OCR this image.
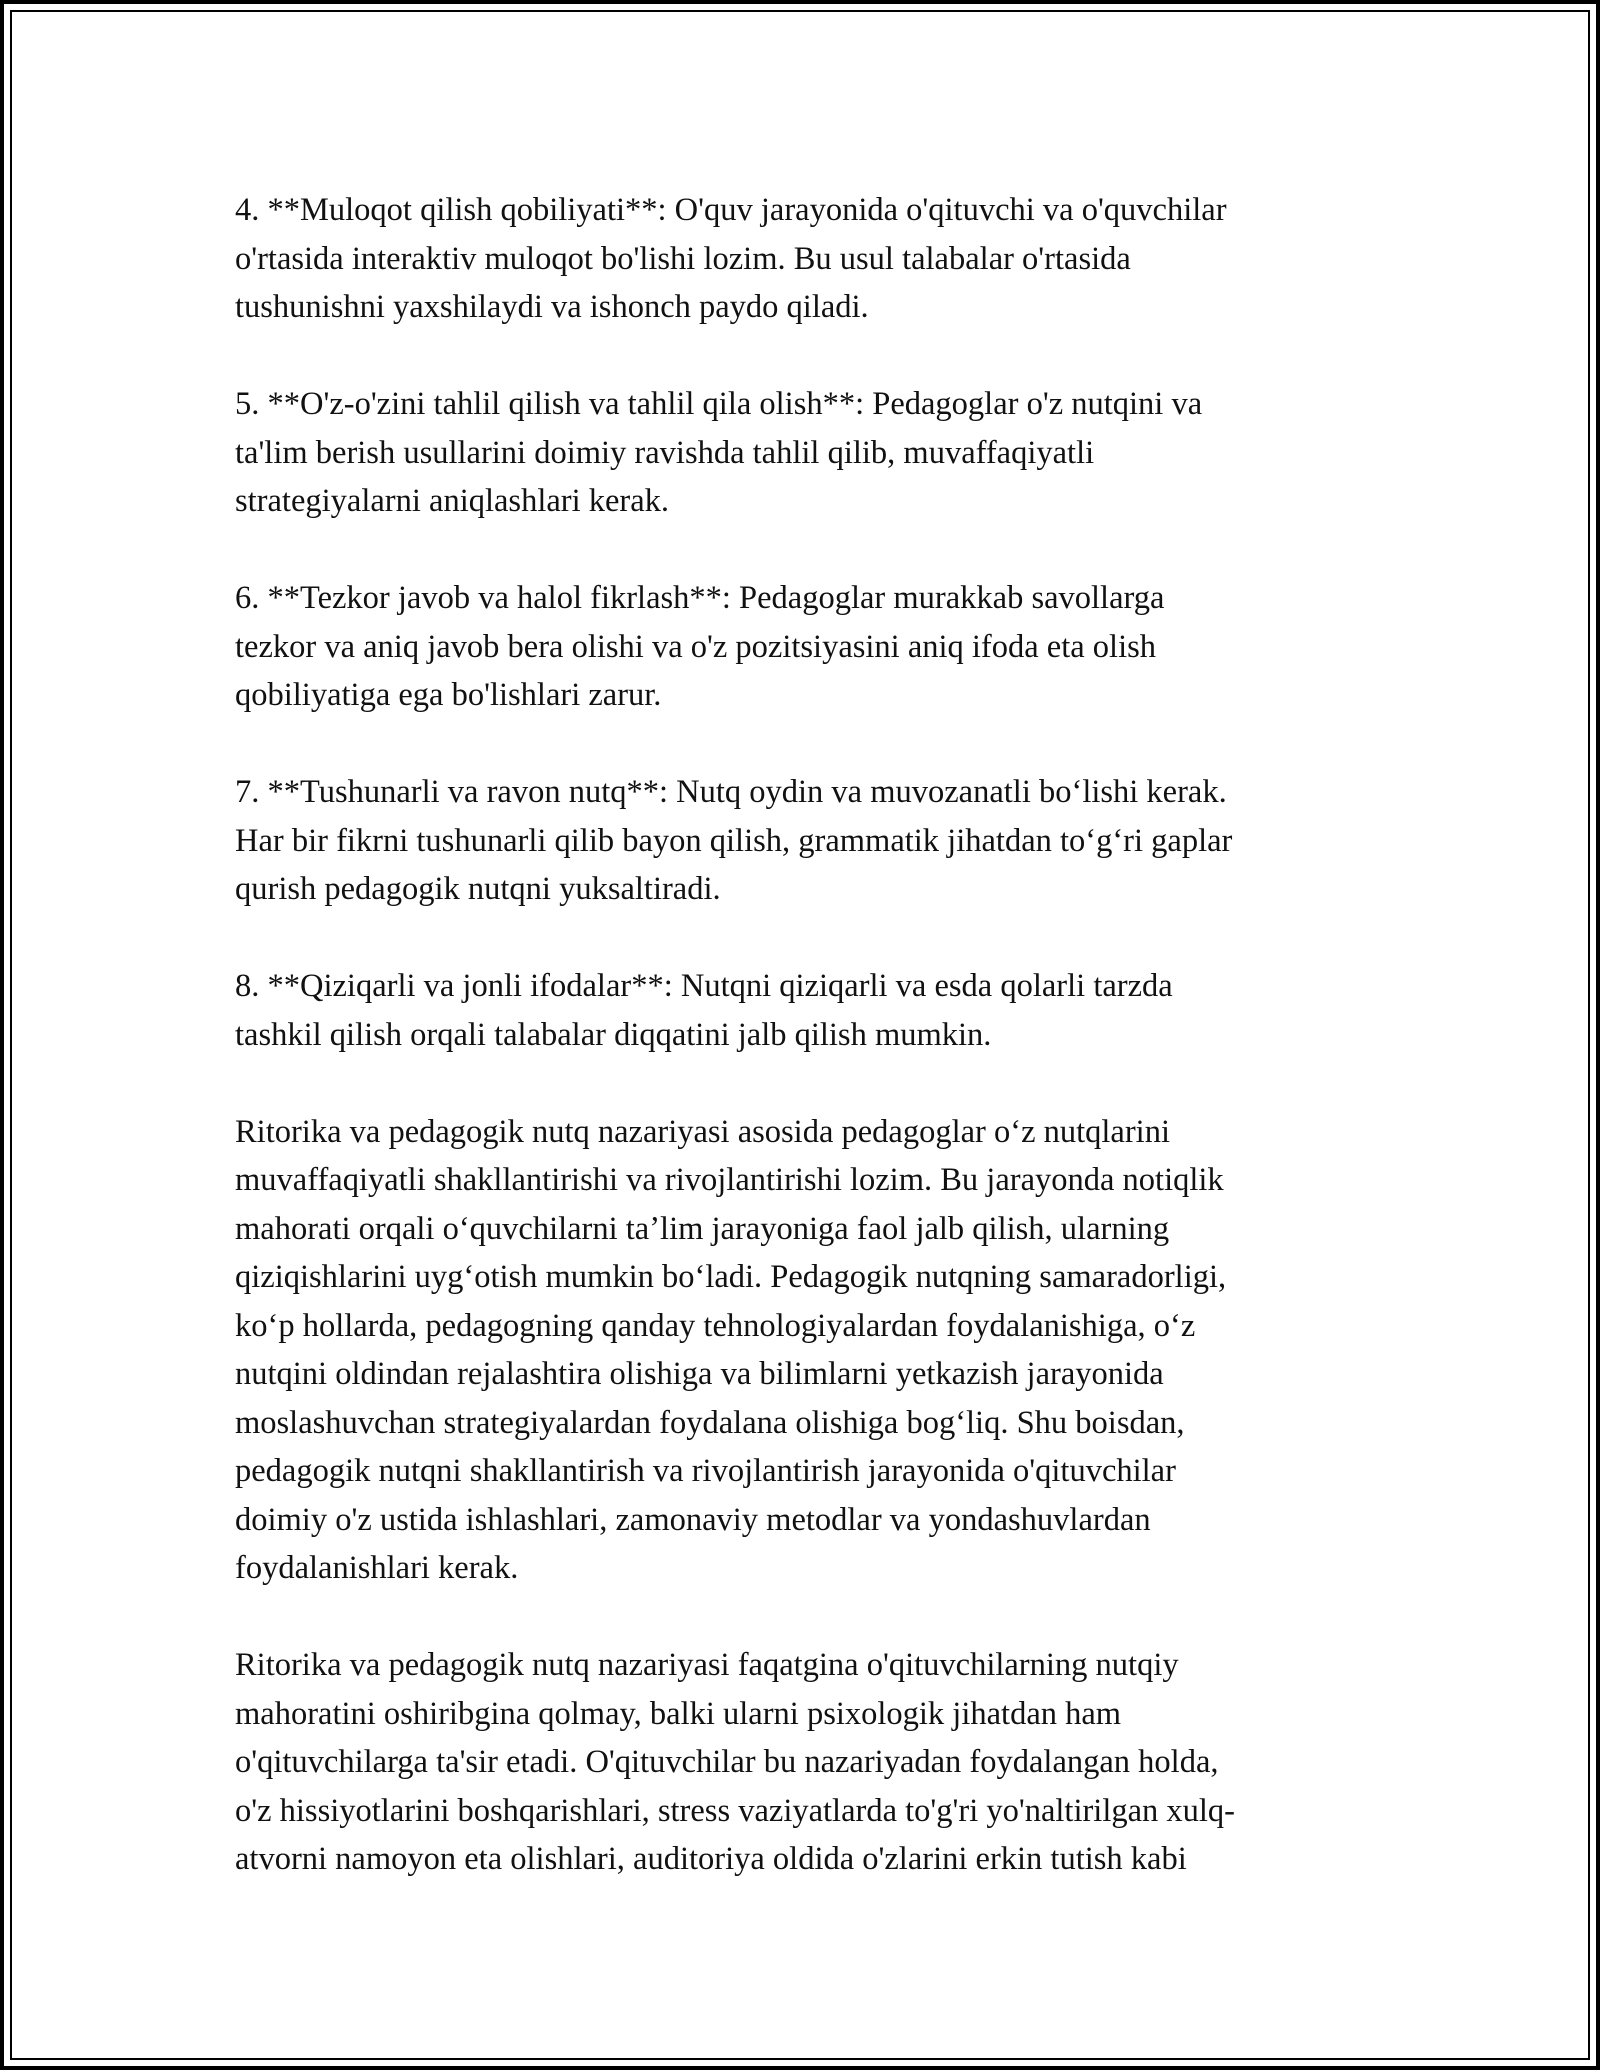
4. **Muloqot qilish qobiliyati**: O'quv jarayonida o'qituvchi va o'quvchilar
o'rtasida interaktiv muloqot bo'lishi lozim. Bu usul talabalar o'rtasida
tushunishni yaxshilaydi va ishonch paydo qiladi.

5. **O'z-o'zini tahlil qilish va tahlil qila olish**: Pedagoglar o'z nutqini va
ta'lim berish usullarini doimiy ravishda tahlil qilib, muvaffaqiyatli
strategiyalarni aniqlashlari kerak.

6. **Tezkor javob va halol fikrlash**: Pedagoglar murakkab savollarga
tezkor va aniq javob bera olishi va o'z pozitsiyasini aniq ifoda eta olish
qobiliyatiga ega bo'lishlari zarur.

7. **Tushunarli va ravon nutq**: Nutq oydin va muvozanatli boʻlishi kerak.
Har bir fikrni tushunarli qilib bayon qilish, grammatik jihatdan toʻgʻri gaplar
qurish pedagogik nutqni yuksaltiradi.

8. **Qiziqarli va jonli ifodalar**: Nutqni qiziqarli va esda qolarli tarzda
tashkil qilish orqali talabalar diqqatini jalb qilish mumkin.

Ritorika va pedagogik nutq nazariyasi asosida pedagoglar oʻz nutqlarini
muvaffaqiyatli shakllantirishi va rivojlantirishi lozim. Bu jarayonda notiqlik
mahorati orqali oʻquvchilarni taʼlim jarayoniga faol jalb qilish, ularning
qiziqishlarini uygʻotish mumkin boʻladi. Pedagogik nutqning samaradorligi,
koʻp hollarda, pedagogning qanday tehnologiyalardan foydalanishiga, oʻz
nutqini oldindan rejalashtira olishiga va bilimlarni yetkazish jarayonida
moslashuvchan strategiyalardan foydalana olishiga bogʻliq. Shu boisdan,
pedagogik nutqni shakllantirish va rivojlantirish jarayonida o'qituvchilar
doimiy o'z ustida ishlashlari, zamonaviy metodlar va yondashuvlardan
foydalanishlari kerak.

Ritorika va pedagogik nutq nazariyasi faqatgina o'qituvchilarning nutqiy
mahoratini oshiribgina qolmay, balki ularni psixologik jihatdan ham
o'qituvchilarga ta'sir etadi. O'qituvchilar bu nazariyadan foydalangan holda,
o'z hissiyotlarini boshqarishlari, stress vaziyatlarda to'g'ri yo'naltirilgan xulq-
atvorni namoyon eta olishlari, auditoriya oldida o'zlarini erkin tutish kabi
